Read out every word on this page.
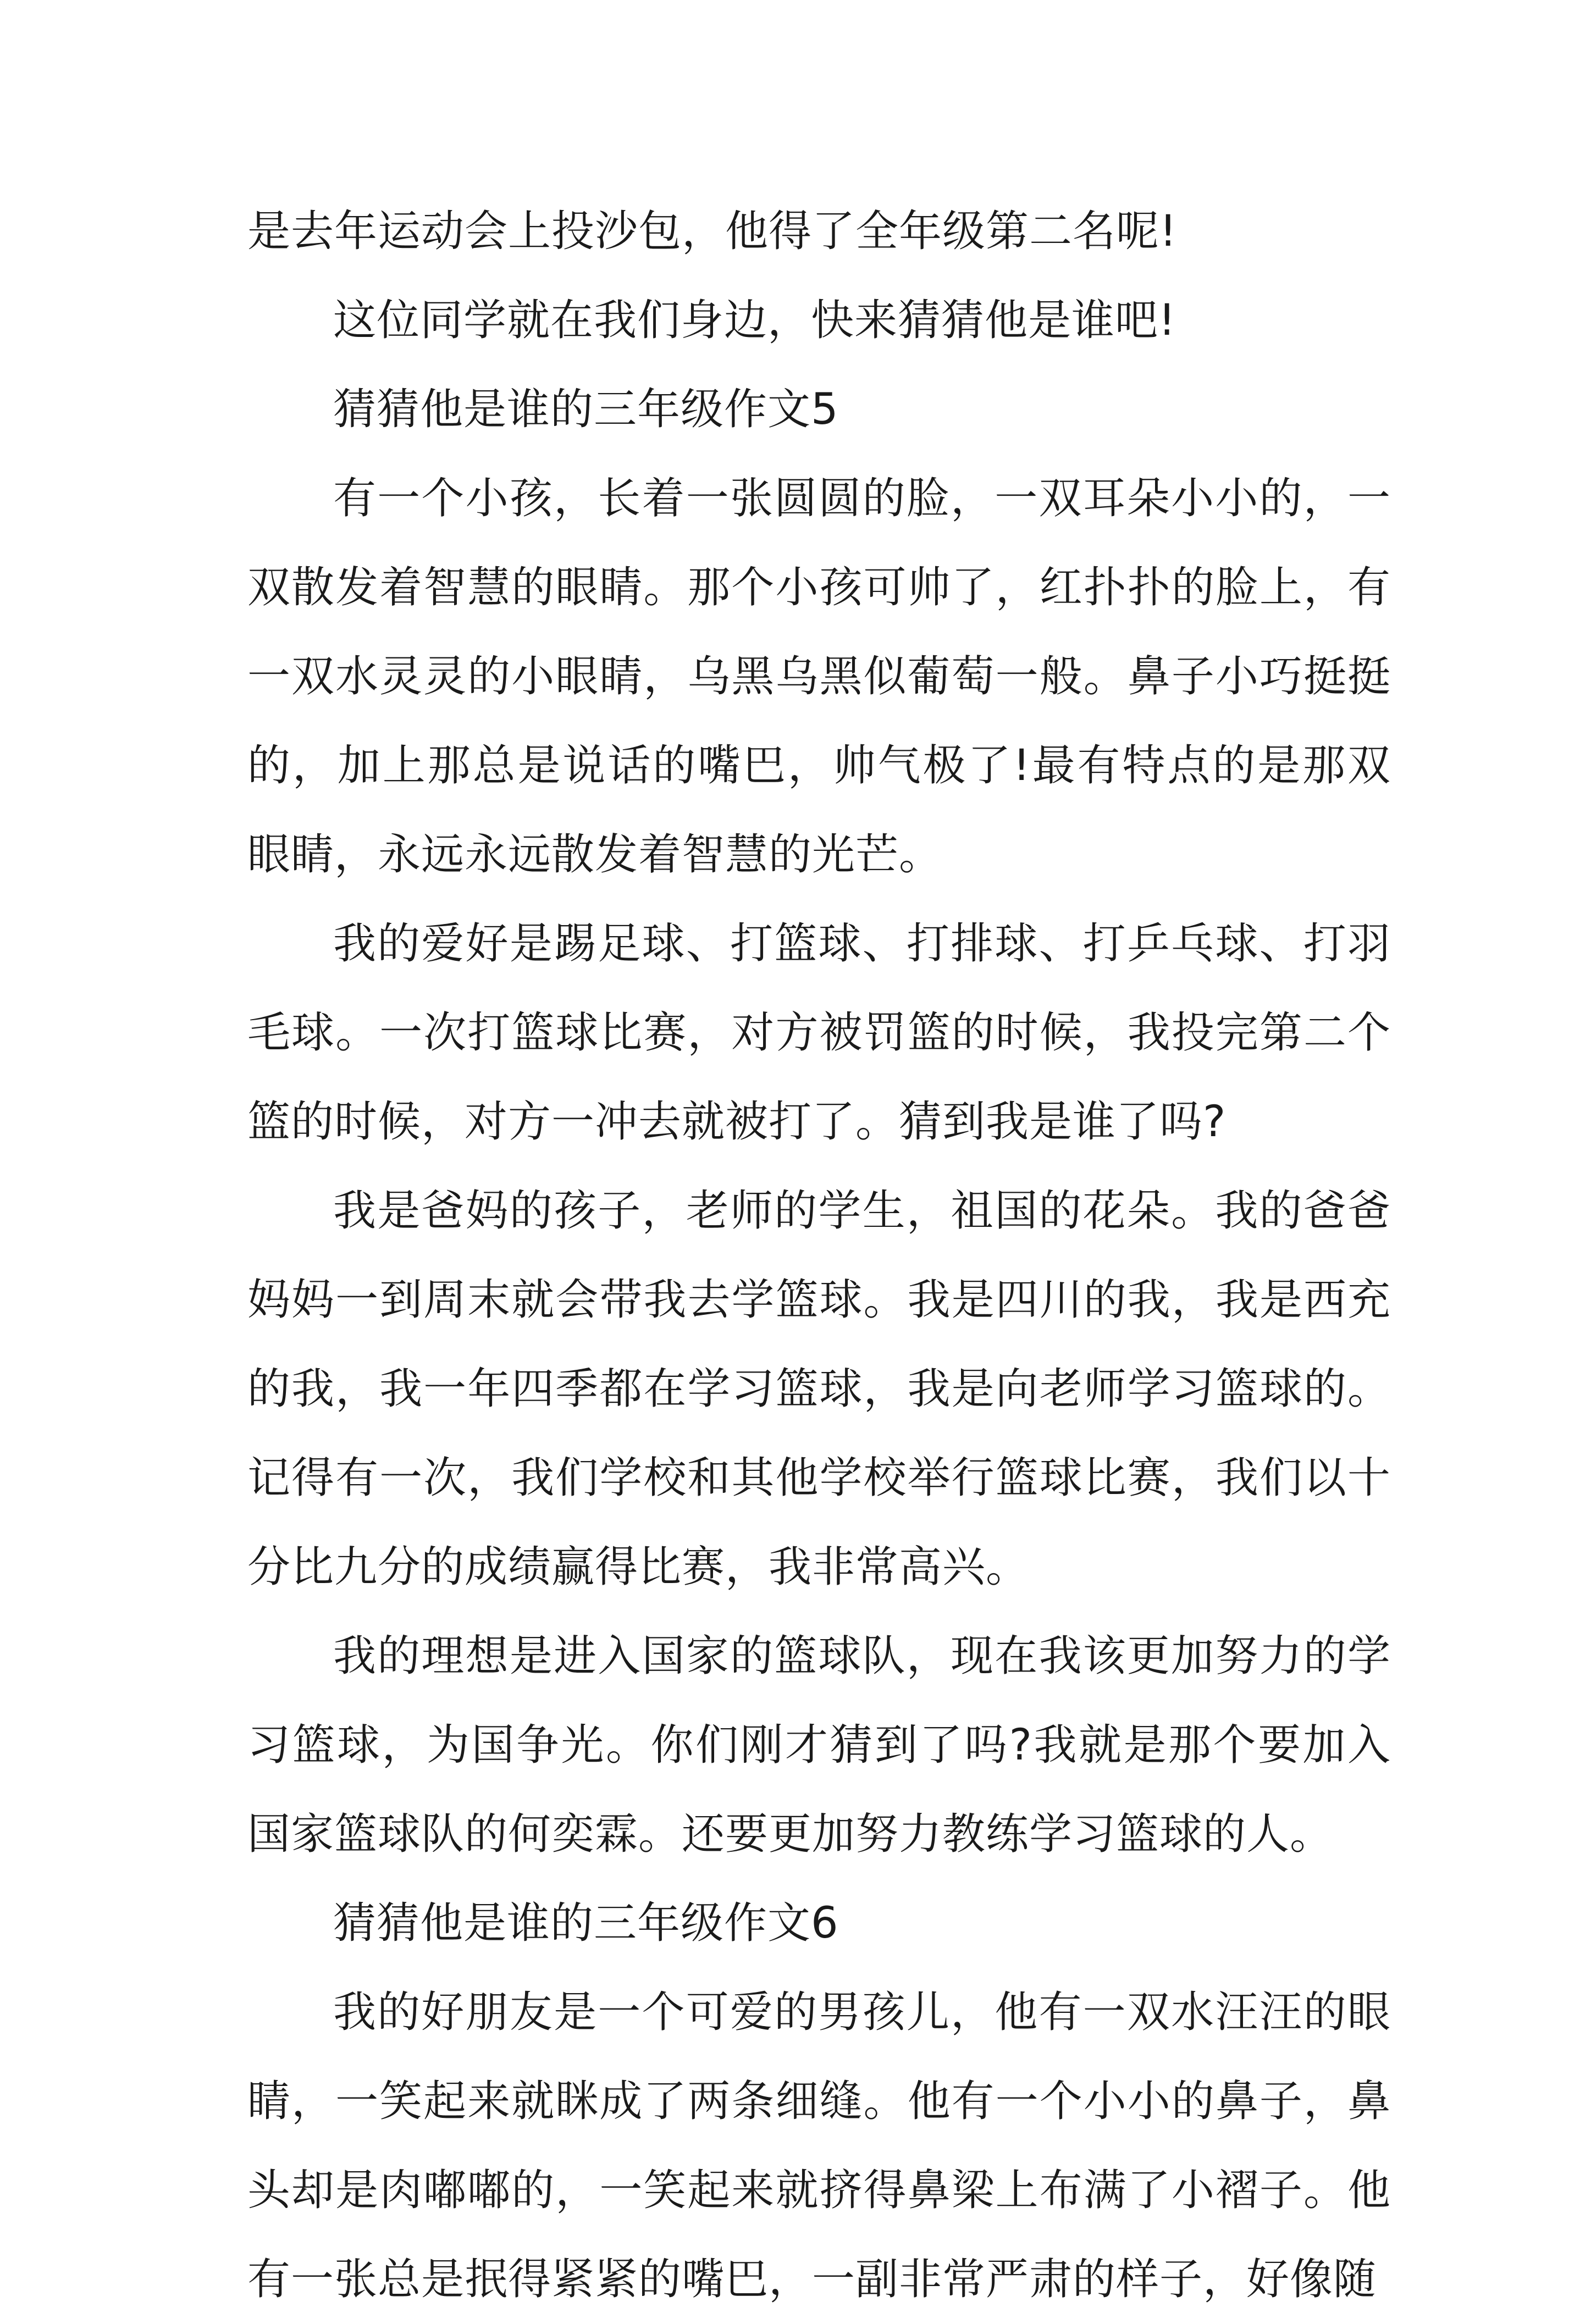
是去年运动会上投沙包，他得了全年级第二名呢!

这位同学就在我们身边，快来猜猜他是谁吧!

猜猜他是谁的三年级作文5

有一个小孩，长着一张圆圆的脸，一双耳朵小小的，一双散发着智慧的眼睛。那个小孩可帅了，红扑扑的脸上，有一双水灵灵的小眼睛，乌黑乌黑似葡萄一般。鼻子小巧挺挺的，加上那总是说话的嘴巴，帅气极了!最有特点的是那双眼睛，永远永远散发着智慧的光芒。

我的爱好是踢足球、打篮球、打排球、打乒乓球、打羽毛球。一次打篮球比赛，对方被罚篮的时候，我投完第二个篮的时候，对方一冲去就被打了。猜到我是谁了吗?

我是爸妈的孩子，老师的学生，祖国的花朵。我的爸爸妈妈一到周末就会带我去学篮球。我是四川的我，我是西充的我，我一年四季都在学习篮球，我是向老师学习篮球的。记得有一次，我们学校和其他学校举行篮球比赛，我们以十分比九分的成绩赢得比赛，我非常高兴。

我的理想是进入国家的篮球队，现在我该更加努力的学习篮球，为国争光。你们刚才猜到了吗?我就是那个要加入国家篮球队的何奕霖。还要更加努力教练学习篮球的人。

猜猜他是谁的三年级作文6

我的好朋友是一个可爱的男孩儿，他有一双水汪汪的眼睛，一笑起来就眯成了两条细缝。他有一个小小的鼻子，鼻头却是肉嘟嘟的，一笑起来就挤得鼻梁上布满了小褶子。他有一张总是抿得紧紧的嘴巴，一副非常严肃的样子，好像随
